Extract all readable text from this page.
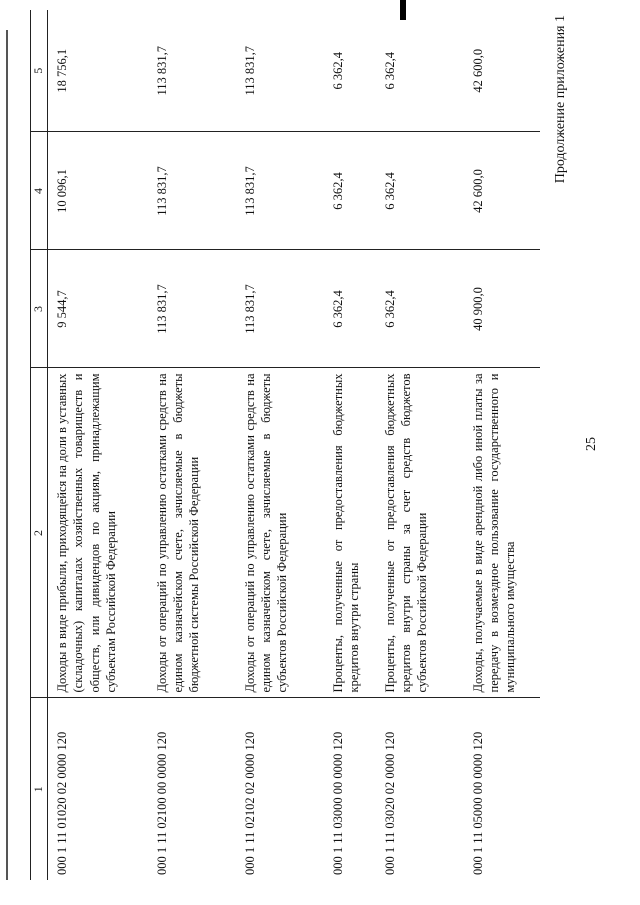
25
Продолжение приложения 1
1	2	3	4	5
000 1 11 01020 02 0000 120	Доходы в виде прибыли, приходящейся на доли в уставных (складочных) капиталах хозяйственных товариществ и обществ, или дивидендов по акциям, принадлежащим субъектам Российской Федерации	9 544,7	10 096,1	18 756,1
000 1 11 02100 00 0000 120	Доходы от операций по управлению остатками средств на едином казначейском счете, зачисляемые в бюджеты бюджетной системы Российской Федерации	113 831,7	113 831,7	113 831,7
000 1 11 02102 02 0000 120	Доходы от операций по управлению остатками средств на едином казначейском счете, зачисляемые в бюджеты субъектов Российской Федерации	113 831,7	113 831,7	113 831,7
000 1 11 03000 00 0000 120	Проценты, полученные от предоставления бюджетных кредитов внутри страны	6 362,4	6 362,4	6 362,4
000 1 11 03020 02 0000 120	Проценты, полученные от предоставления бюджетных кредитов внутри страны за счет средств бюджетов субъектов Российской Федерации	6 362,4	6 362,4	6 362,4
000 1 11 05000 00 0000 120	Доходы, получаемые в виде арендной либо иной платы за передачу в возмездное пользование государственного и муниципального имущества	40 900,0	42 600,0	42 600,0
